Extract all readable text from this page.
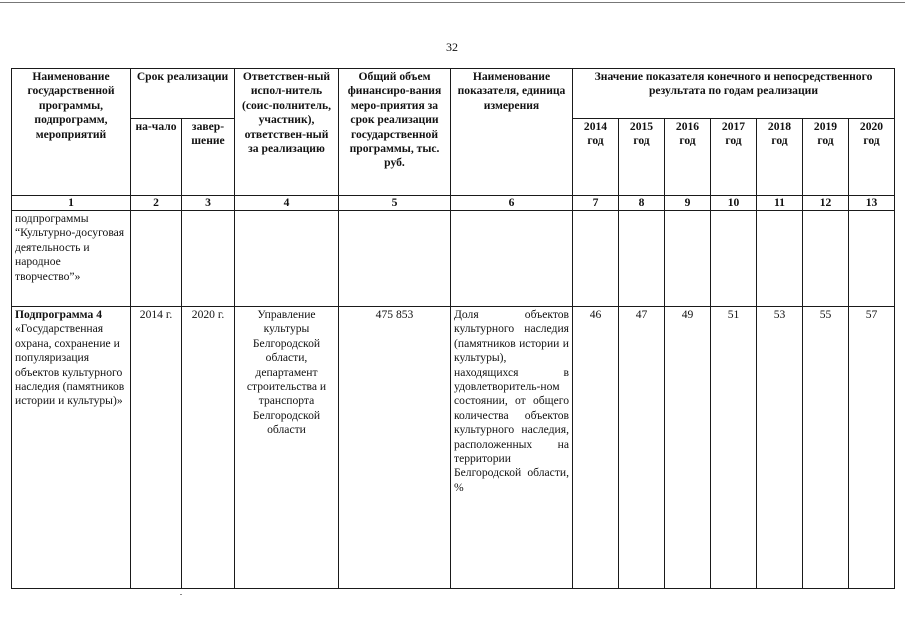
32
Наименование государственной программы, подпрограмм, мероприятий	Срок реализации		Ответствен-ный испол-нитель (соис-полнитель, участник), ответствен-ный за реализацию	Общий объем финансиро-вания меро-приятия за срок реализации государственной программы, тыс. руб.	Наименование показателя, единица измерения	Значение показателя конечного и непосредственного результата по годам реализации						
	на-чало	завер-шение				2014 год	2015 год	2016 год	2017 год	2018 год	2019 год	2020 год
1	2	3	4	5	6	7	8	9	10	11	12	13
подпрограммы “Культурно-досуговая деятельность и народное творчество”»												
Подпрограмма 4 «Государственная охрана, сохранение и популяризация объектов культурного наследия (памятников истории и культуры)»	2014 г.	2020 г.	Управление культуры Белгородской области, департамент строительства и транспорта Белгородской области	475 853	Доля объектов культурного наследия (памятников истории и культуры), находящихся в удовлетворитель-ном состоянии, от общего количества объектов культурного наследия, расположенных на территории Белгородской области, %	46	47	49	51	53	55	57
